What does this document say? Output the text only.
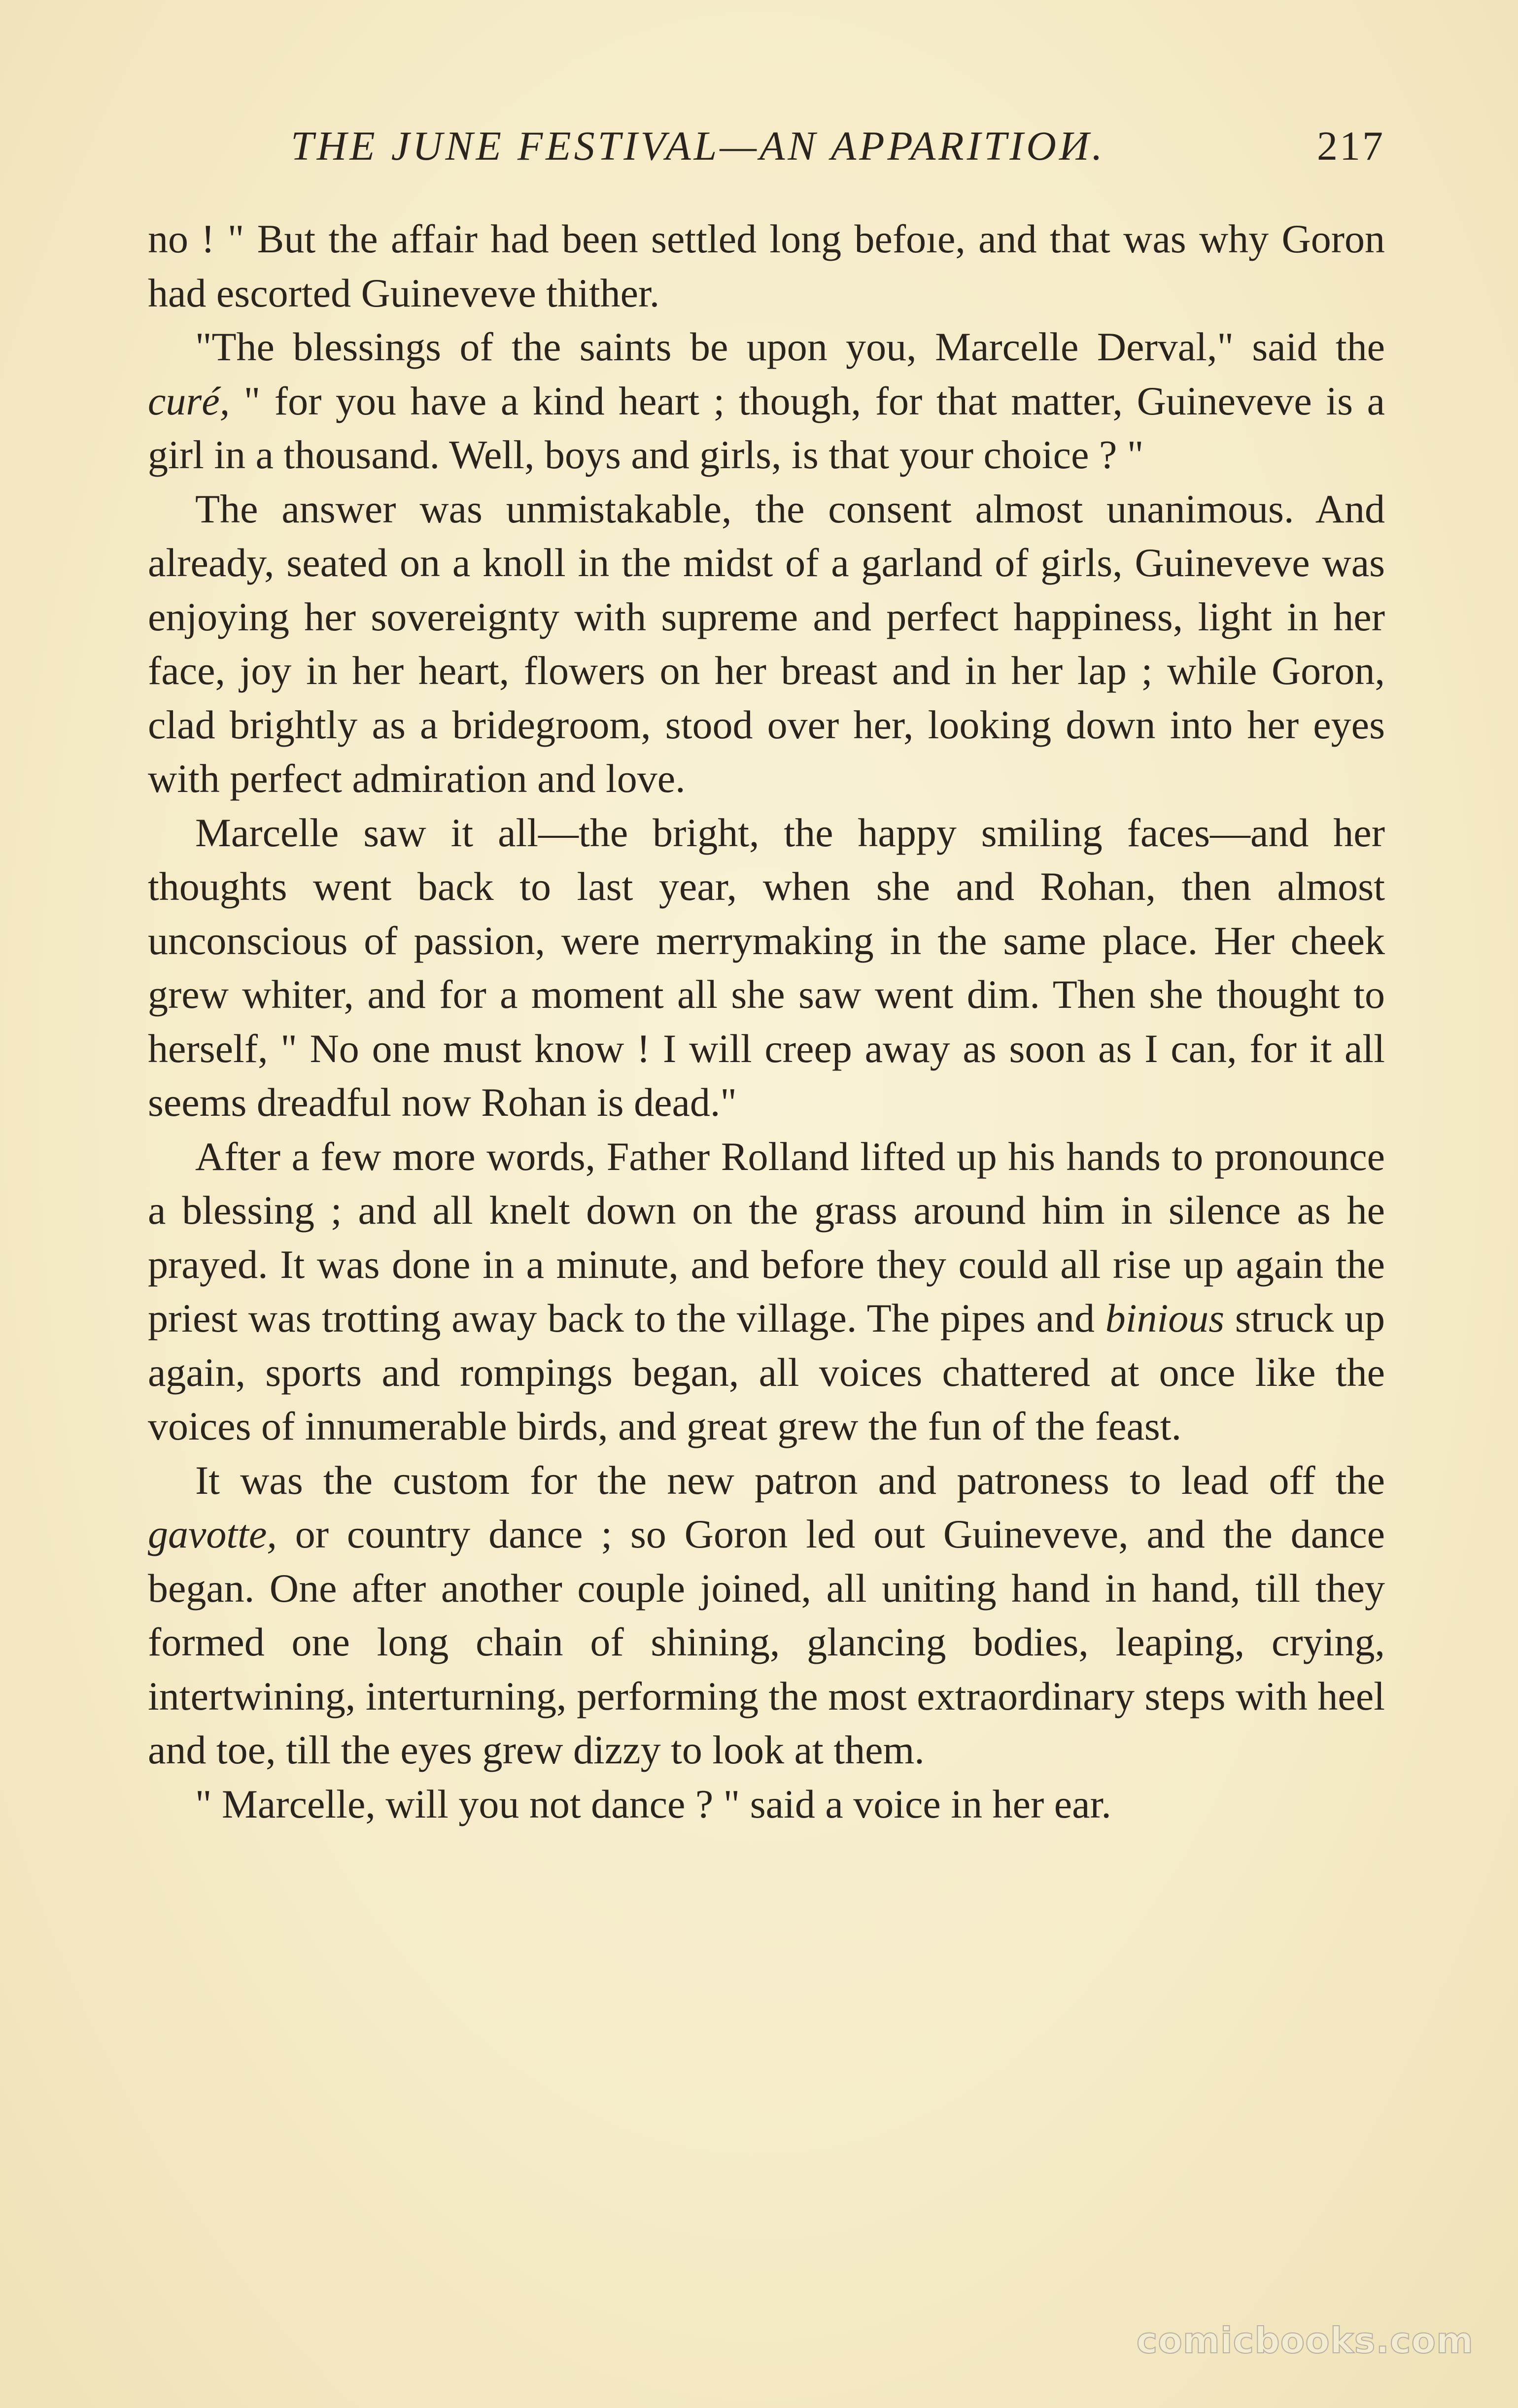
THE JUNE FESTIVAL—AN APPARITIOИ.	217

no ! " But the affair had been settled long befoıe, and that was why Goron had escorted Guineveve thither.

"The blessings of the saints be upon you, Marcelle Derval," said the curé, " for you have a kind heart ; though, for that matter, Guineveve is a girl in a thousand. Well, boys and girls, is that your choice ? "

The answer was unmistakable, the consent almost unanimous. And already, seated on a knoll in the midst of a garland of girls, Guineveve was enjoying her sovereignty with supreme and perfect happiness, light in her face, joy in her heart, flowers on her breast and in her lap ; while Goron, clad brightly as a bridegroom, stood over her, looking down into her eyes with perfect admiration and love.

Marcelle saw it all—the bright, the happy smiling faces—and her thoughts went back to last year, when she and Rohan, then almost unconscious of passion, were merrymaking in the same place. Her cheek grew whiter, and for a moment all she saw went dim. Then she thought to herself, " No one must know ! I will creep away as soon as I can, for it all seems dreadful now Rohan is dead."

After a few more words, Father Rolland lifted up his hands to pronounce a blessing ; and all knelt down on the grass around him in silence as he prayed. It was done in a minute, and before they could all rise up again the priest was trotting away back to the village. The pipes and binious struck up again, sports and rompings began, all voices chattered at once like the voices of innumerable birds, and great grew the fun of the feast.

It was the custom for the new patron and patroness to lead off the gavotte, or country dance ; so Goron led out Guineveve, and the dance began. One after another couple joined, all uniting hand in hand, till they formed one long chain of shining, glancing bodies, leaping, crying, intertwining, interturning, performing the most extraordinary steps with heel and toe, till the eyes grew dizzy to look at them.

" Marcelle, will you not dance ? " said a voice in her ear.

comicbooks.com
